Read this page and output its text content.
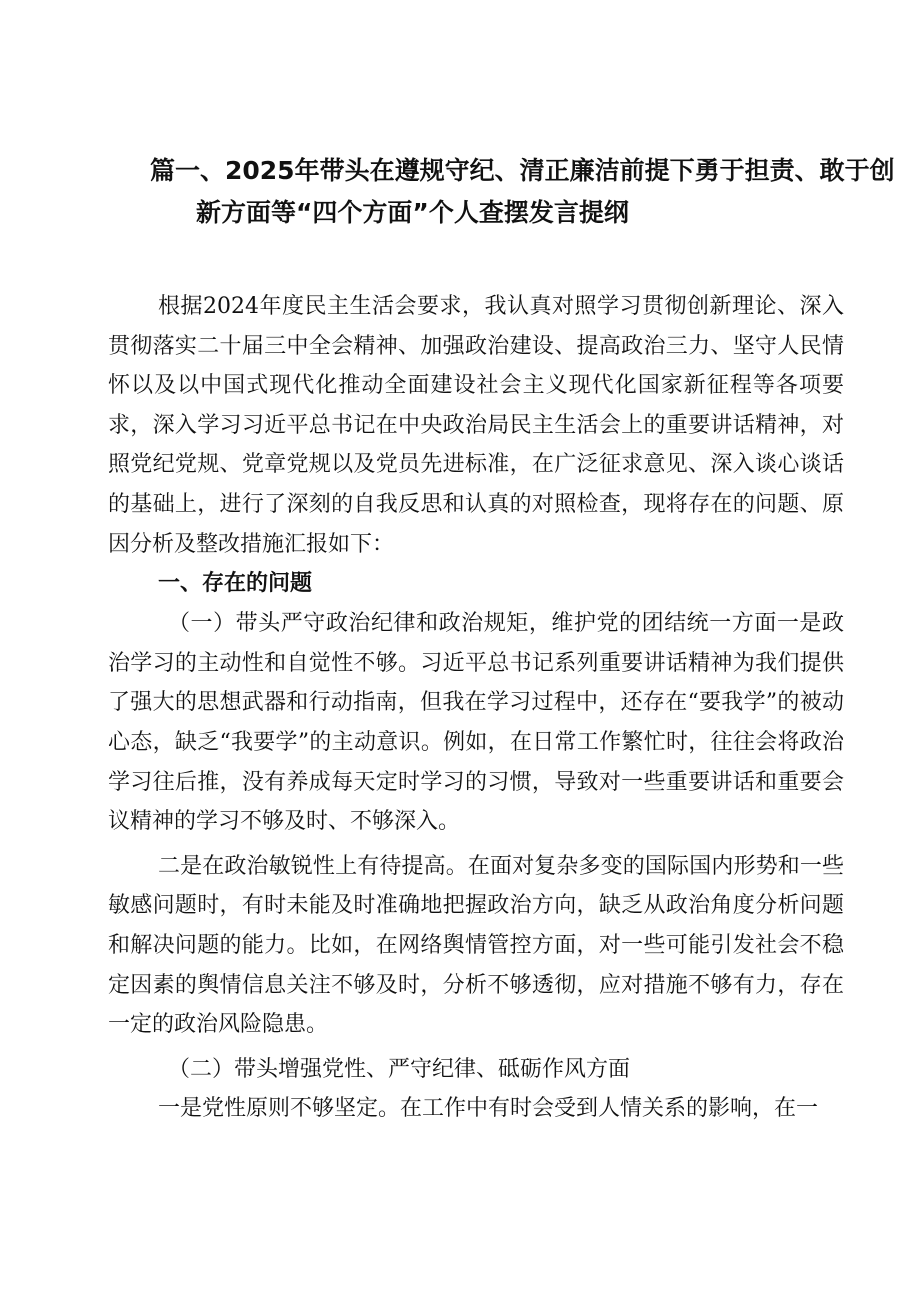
篇一、2025年带头在遵规守纪、清正廉洁前提下勇于担责、敢于创
新方面等“四个方面”个人查摆发言提纲

根据2024年度民主生活会要求，我认真对照学习贯彻创新理论、深入贯彻落实二十届三中全会精神、加强政治建设、提高政治三力、坚守人民情怀以及以中国式现代化推动全面建设社会主义现代化国家新征程等各项要求，深入学习习近平总书记在中央政治局民主生活会上的重要讲话精神，对照党纪党规、党章党规以及党员先进标准，在广泛征求意见、深入谈心谈话的基础上，进行了深刻的自我反思和认真的对照检查，现将存在的问题、原因分析及整改措施汇报如下：

一、存在的问题

（一）带头严守政治纪律和政治规矩，维护党的团结统一方面一是政治学习的主动性和自觉性不够。习近平总书记系列重要讲话精神为我们提供了强大的思想武器和行动指南，但我在学习过程中，还存在“要我学”的被动心态，缺乏“我要学”的主动意识。例如，在日常工作繁忙时，往往会将政治学习往后推，没有养成每天定时学习的习惯，导致对一些重要讲话和重要会议精神的学习不够及时、不够深入。

二是在政治敏锐性上有待提高。在面对复杂多变的国际国内形势和一些敏感问题时，有时未能及时准确地把握政治方向，缺乏从政治角度分析问题和解决问题的能力。比如，在网络舆情管控方面，对一些可能引发社会不稳定因素的舆情信息关注不够及时，分析不够透彻，应对措施不够有力，存在一定的政治风险隐患。

（二）带头增强党性、严守纪律、砥砺作风方面

一是党性原则不够坚定。在工作中有时会受到人情关系的影响，在一
